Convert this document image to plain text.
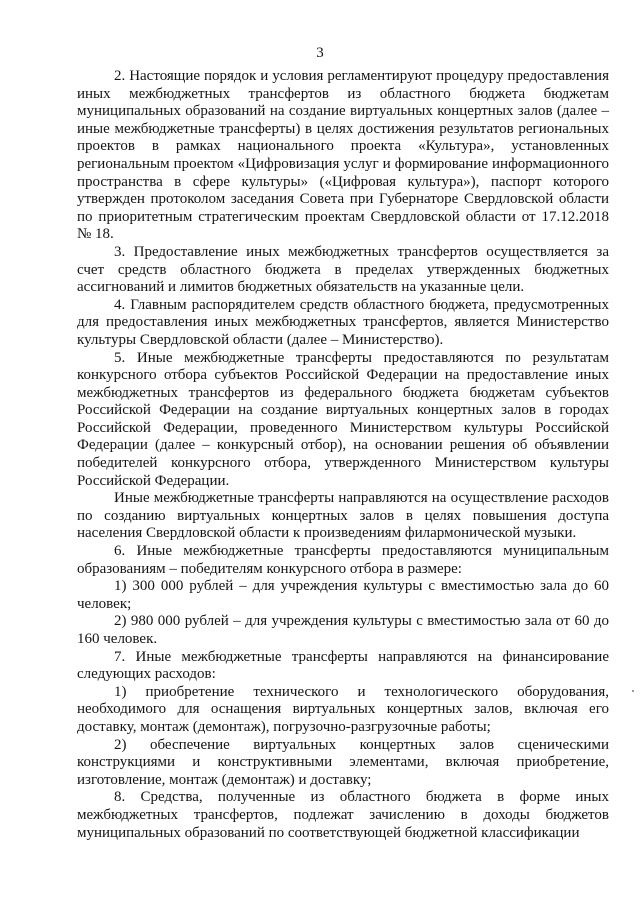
3

2. Настоящие порядок и условия регламентируют процедуру предоставления иных межбюджетных трансфертов из областного бюджета бюджетам муниципальных образований на создание виртуальных концертных залов (далее – иные межбюджетные трансферты) в целях достижения результатов региональных проектов в рамках национального проекта «Культура», установленных региональным проектом «Цифровизация услуг и формирование информационного пространства в сфере культуры» («Цифровая культура»), паспорт которого утвержден протоколом заседания Совета при Губернаторе Свердловской области по приоритетным стратегическим проектам Свердловской области от 17.12.2018 № 18.

3. Предоставление иных межбюджетных трансфертов осуществляется за счет средств областного бюджета в пределах утвержденных бюджетных ассигнований и лимитов бюджетных обязательств на указанные цели.

4. Главным распорядителем средств областного бюджета, предусмотренных для предоставления иных межбюджетных трансфертов, является Министерство культуры Свердловской области (далее – Министерство).

5. Иные межбюджетные трансферты предоставляются по результатам конкурсного отбора субъектов Российской Федерации на предоставление иных межбюджетных трансфертов из федерального бюджета бюджетам субъектов Российской Федерации на создание виртуальных концертных залов в городах Российской Федерации, проведенного Министерством культуры Российской Федерации (далее – конкурсный отбор), на основании решения об объявлении победителей конкурсного отбора, утвержденного Министерством культуры Российской Федерации.

Иные межбюджетные трансферты направляются на осуществление расходов по созданию виртуальных концертных залов в целях повышения доступа населения Свердловской области к произведениям филармонической музыки.

6. Иные межбюджетные трансферты предоставляются муниципальным образованиям – победителям конкурсного отбора в размере:

1) 300 000 рублей – для учреждения культуры с вместимостью зала до 60 человек;

2) 980 000 рублей – для учреждения культуры с вместимостью зала от 60 до 160 человек.

7. Иные межбюджетные трансферты направляются на финансирование следующих расходов:

1) приобретение технического и технологического оборудования, необходимого для оснащения виртуальных концертных залов, включая его доставку, монтаж (демонтаж), погрузочно-разгрузочные работы;

2) обеспечение виртуальных концертных залов сценическими конструкциями и конструктивными элементами, включая приобретение, изготовление, монтаж (демонтаж) и доставку;

8. Средства, полученные из областного бюджета в форме иных межбюджетных трансфертов, подлежат зачислению в доходы бюджетов муниципальных образований по соответствующей бюджетной классификации
